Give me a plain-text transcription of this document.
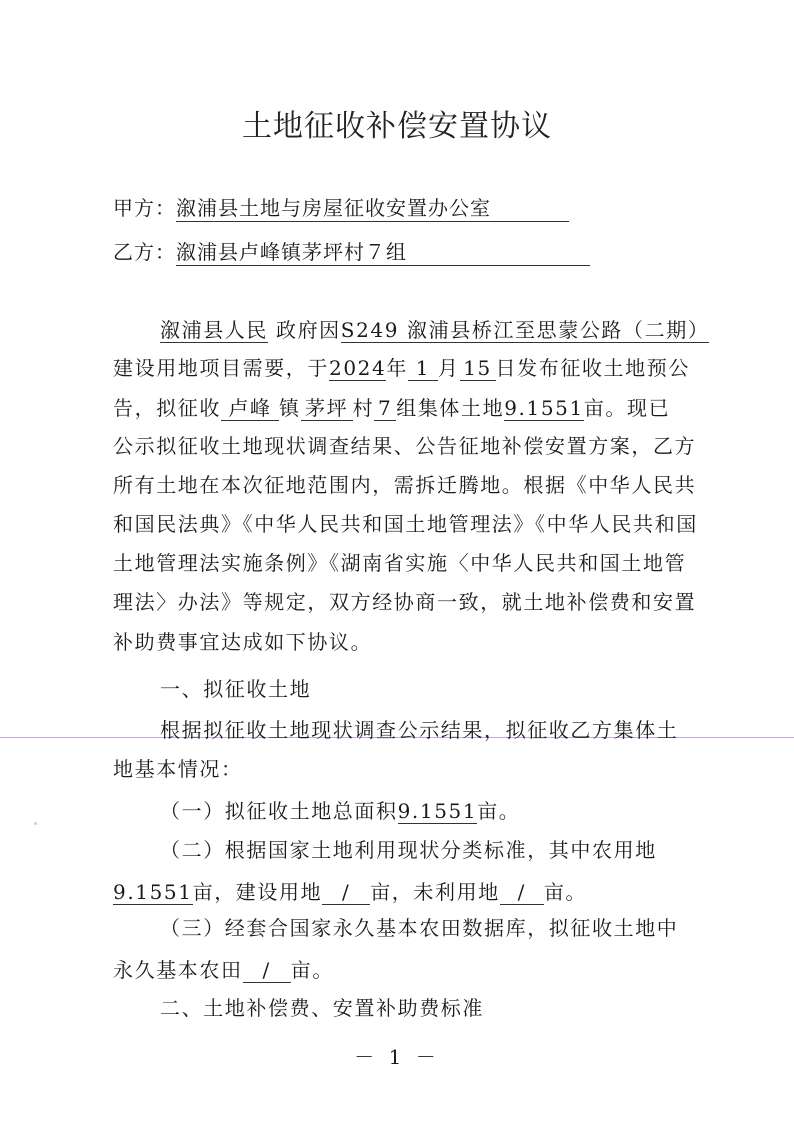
土地征收补偿安置协议
甲方：溆浦县土地与房屋征收安置办公室
乙方：溆浦县卢峰镇茅坪村７组
溆浦县人民 政府因S249 溆浦县桥江至思蒙公路（二期）
建设用地项目需要，于2024年 1 月 15 日发布征收土地预公
告，拟征收 卢峰 镇 茅坪 村 7 组集体土地9.1551亩。现已
公示拟征收土地现状调查结果、公告征地补偿安置方案，乙方
所有土地在本次征地范围内，需拆迁腾地。根据《中华人民共
和国民法典》《中华人民共和国土地管理法》《中华人民共和国
土地管理法实施条例》《湖南省实施〈中华人民共和国土地管
理法〉办法》等规定，双方经协商一致，就土地补偿费和安置
补助费事宜达成如下协议。
一、拟征收土地
根据拟征收土地现状调查公示结果，拟征收乙方集体土
地基本情况：
（一）拟征收土地总面积9.1551亩。
（二）根据国家土地利用现状分类标准，其中农用地
9.1551亩，建设用地 / 亩，未利用地 / 亩。
（三）经套合国家永久基本农田数据库，拟征收土地中
永久基本农田 / 亩。
二、土地补偿费、安置补助费标准
－ 1 －
